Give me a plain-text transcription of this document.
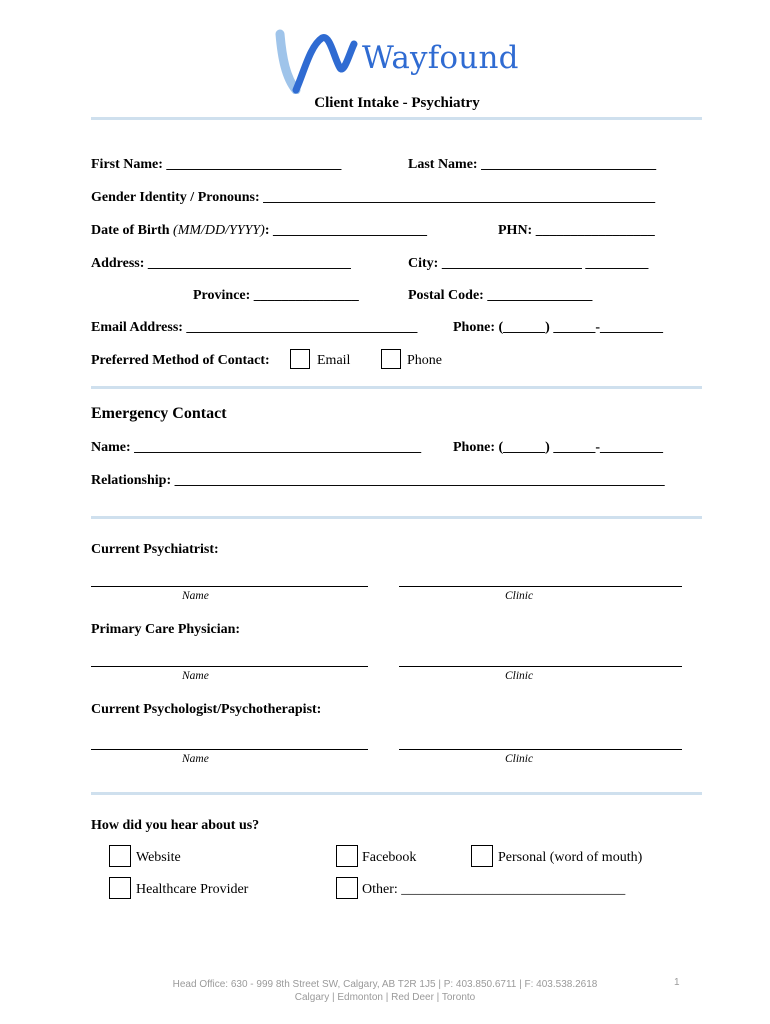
Wayfound
Client Intake - Psychiatry
First Name: _________________________	Last Name: _________________________
Gender Identity / Pronouns: ________________________________________________________
Date of Birth (MM/DD/YYYY): ______________________	PHN: _________________
Address: _____________________________	City: ____________________ _________
Province: _______________	Postal Code: _______________
Email Address: _________________________________	Phone: (______) ______-_________
Preferred Method of Contact:	Email	Phone
Emergency Contact
Name: _________________________________________ Phone: (______) ______-_________
Relationship: ______________________________________________________________________
Current Psychiatrist:
Name	Clinic
Primary Care Physician:
Name	Clinic
Current Psychologist/Psychotherapist:
Name	Clinic
How did you hear about us?
Website	Facebook	Personal (word of mouth)
Healthcare Provider	Other: ________________________________
Head Office: 630 - 999 8th Street SW, Calgary, AB T2R 1J5 | P: 403.850.6711 | F: 403.538.2618
Calgary | Edmonton | Red Deer | Toronto
1
